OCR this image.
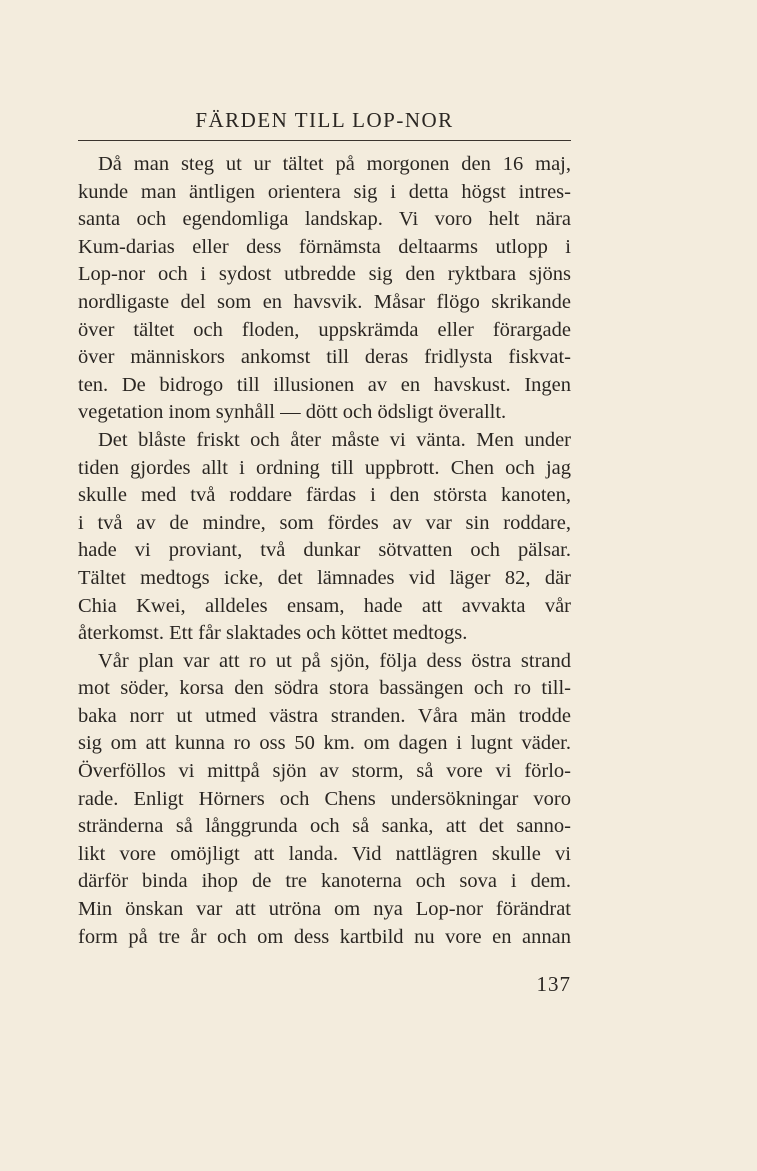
FÄRDEN TILL LOP-NOR
Då man steg ut ur tältet på morgonen den 16 maj,
kunde man äntligen orientera sig i detta högst intres-
santa och egendomliga landskap. Vi voro helt nära
Kum-darias eller dess förnämsta deltaarms utlopp i
Lop-nor och i sydost utbredde sig den ryktbara sjöns
nordligaste del som en havsvik. Måsar flögo skrikande
över tältet och floden, uppskrämda eller förargade
över människors ankomst till deras fridlysta fiskvat-
ten. De bidrogo till illusionen av en havskust. Ingen
vegetation inom synhåll — dött och ödsligt överallt.
Det blåste friskt och åter måste vi vänta. Men under
tiden gjordes allt i ordning till uppbrott. Chen och jag
skulle med två roddare färdas i den största kanoten,
i två av de mindre, som fördes av var sin roddare,
hade vi proviant, två dunkar sötvatten och pälsar.
Tältet medtogs icke, det lämnades vid läger 82, där
Chia Kwei, alldeles ensam, hade att avvakta vår
återkomst. Ett får slaktades och köttet medtogs.
Vår plan var att ro ut på sjön, följa dess östra strand
mot söder, korsa den södra stora bassängen och ro till-
baka norr ut utmed västra stranden. Våra män trodde
sig om att kunna ro oss 50 km. om dagen i lugnt väder.
Överföllos vi mittpå sjön av storm, så vore vi förlo-
rade. Enligt Hörners och Chens undersökningar voro
stränderna så långgrunda och så sanka, att det sanno-
likt vore omöjligt att landa. Vid nattlägren skulle vi
därför binda ihop de tre kanoterna och sova i dem.
Min önskan var att utröna om nya Lop-nor förändrat
form på tre år och om dess kartbild nu vore en annan
137
